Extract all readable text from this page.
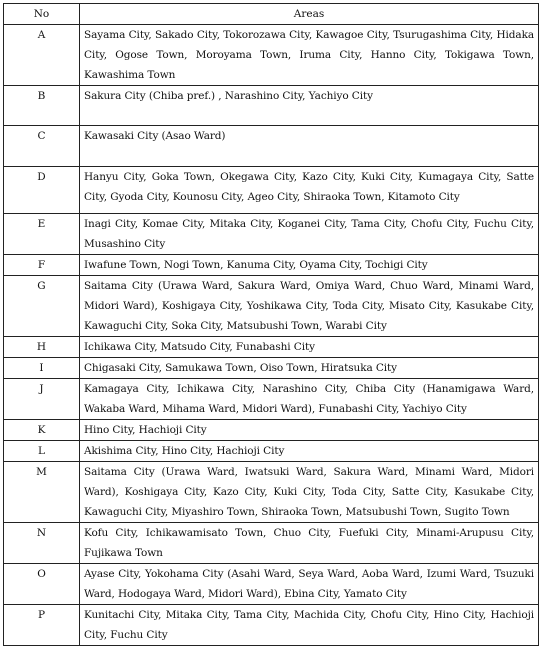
No	Areas
A	Sayama City, Sakado City, Tokorozawa City, Kawagoe City, Tsurugashima City, Hidaka City, Ogose Town, Moroyama Town, Iruma City, Hanno City, Tokigawa Town, Kawashima Town
B	Sakura City (Chiba pref.) , Narashino City, Yachiyo City
C	Kawasaki City (Asao Ward)
D	Hanyu City, Goka Town, Okegawa City, Kazo City, Kuki City, Kumagaya City, Satte City, Gyoda City, Kounosu City, Ageo City, Shiraoka Town, Kitamoto City
E	Inagi City, Komae City, Mitaka City, Koganei City, Tama City, Chofu City, Fuchu City, Musashino City
F	Iwafune Town, Nogi Town, Kanuma City, Oyama City, Tochigi City
G	Saitama City (Urawa Ward, Sakura Ward, Omiya Ward, Chuo Ward, Minami Ward, Midori Ward), Koshigaya City, Yoshikawa City, Toda City, Misato City, Kasukabe City, Kawaguchi City, Soka City, Matsubushi Town, Warabi City
H	Ichikawa City, Matsudo City, Funabashi City
I	Chigasaki City, Samukawa Town, Oiso Town, Hiratsuka City
J	Kamagaya City, Ichikawa City, Narashino City, Chiba City (Hanamigawa Ward, Wakaba Ward, Mihama Ward, Midori Ward), Funabashi City, Yachiyo City
K	Hino City, Hachioji City
L	Akishima City, Hino City, Hachioji City
M	Saitama City (Urawa Ward, Iwatsuki Ward, Sakura Ward, Minami Ward, Midori Ward), Koshigaya City, Kazo City, Kuki City, Toda City, Satte City, Kasukabe City, Kawaguchi City, Miyashiro Town, Shiraoka Town, Matsubushi Town, Sugito Town
N	Kofu City, Ichikawamisato Town, Chuo City, Fuefuki City, Minami-Arupusu City, Fujikawa Town
O	Ayase City, Yokohama City (Asahi Ward, Seya Ward, Aoba Ward, Izumi Ward, Tsuzuki Ward, Hodogaya Ward, Midori Ward), Ebina City, Yamato City
P	Kunitachi City, Mitaka City, Tama City, Machida City, Chofu City, Hino City, Hachioji City, Fuchu City
